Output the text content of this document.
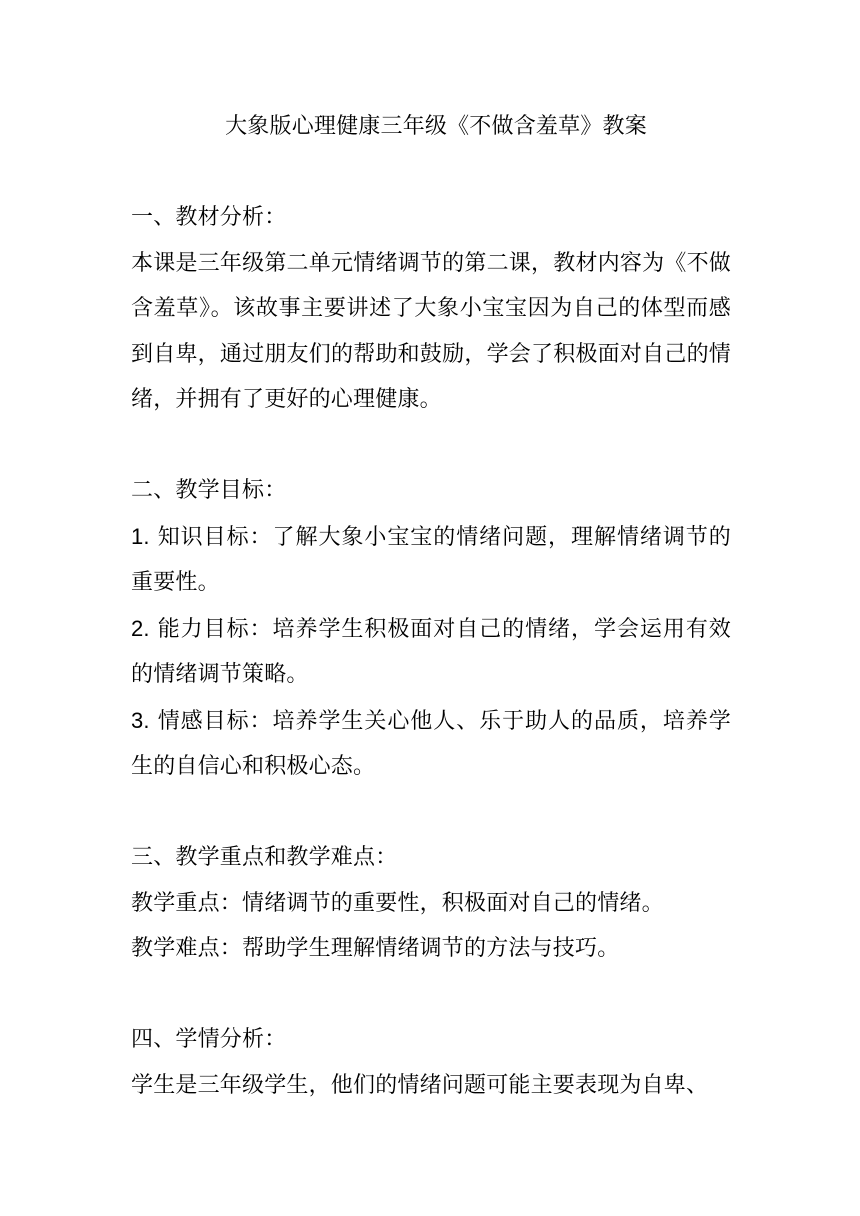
大象版心理健康三年级《不做含羞草》教案
一、教材分析：

本课是三年级第二单元情绪调节的第二课，教材内容为《不做含羞草》。该故事主要讲述了大象小宝宝因为自己的体型而感到自卑，通过朋友们的帮助和鼓励，学会了积极面对自己的情绪，并拥有了更好的心理健康。

二、教学目标：

1. 知识目标：了解大象小宝宝的情绪问题，理解情绪调节的重要性。

2. 能力目标：培养学生积极面对自己的情绪，学会运用有效的情绪调节策略。

3. 情感目标：培养学生关心他人、乐于助人的品质，培养学生的自信心和积极心态。

三、教学重点和教学难点：

教学重点：情绪调节的重要性，积极面对自己的情绪。

教学难点：帮助学生理解情绪调节的方法与技巧。

四、学情分析：

学生是三年级学生，他们的情绪问题可能主要表现为自卑、
